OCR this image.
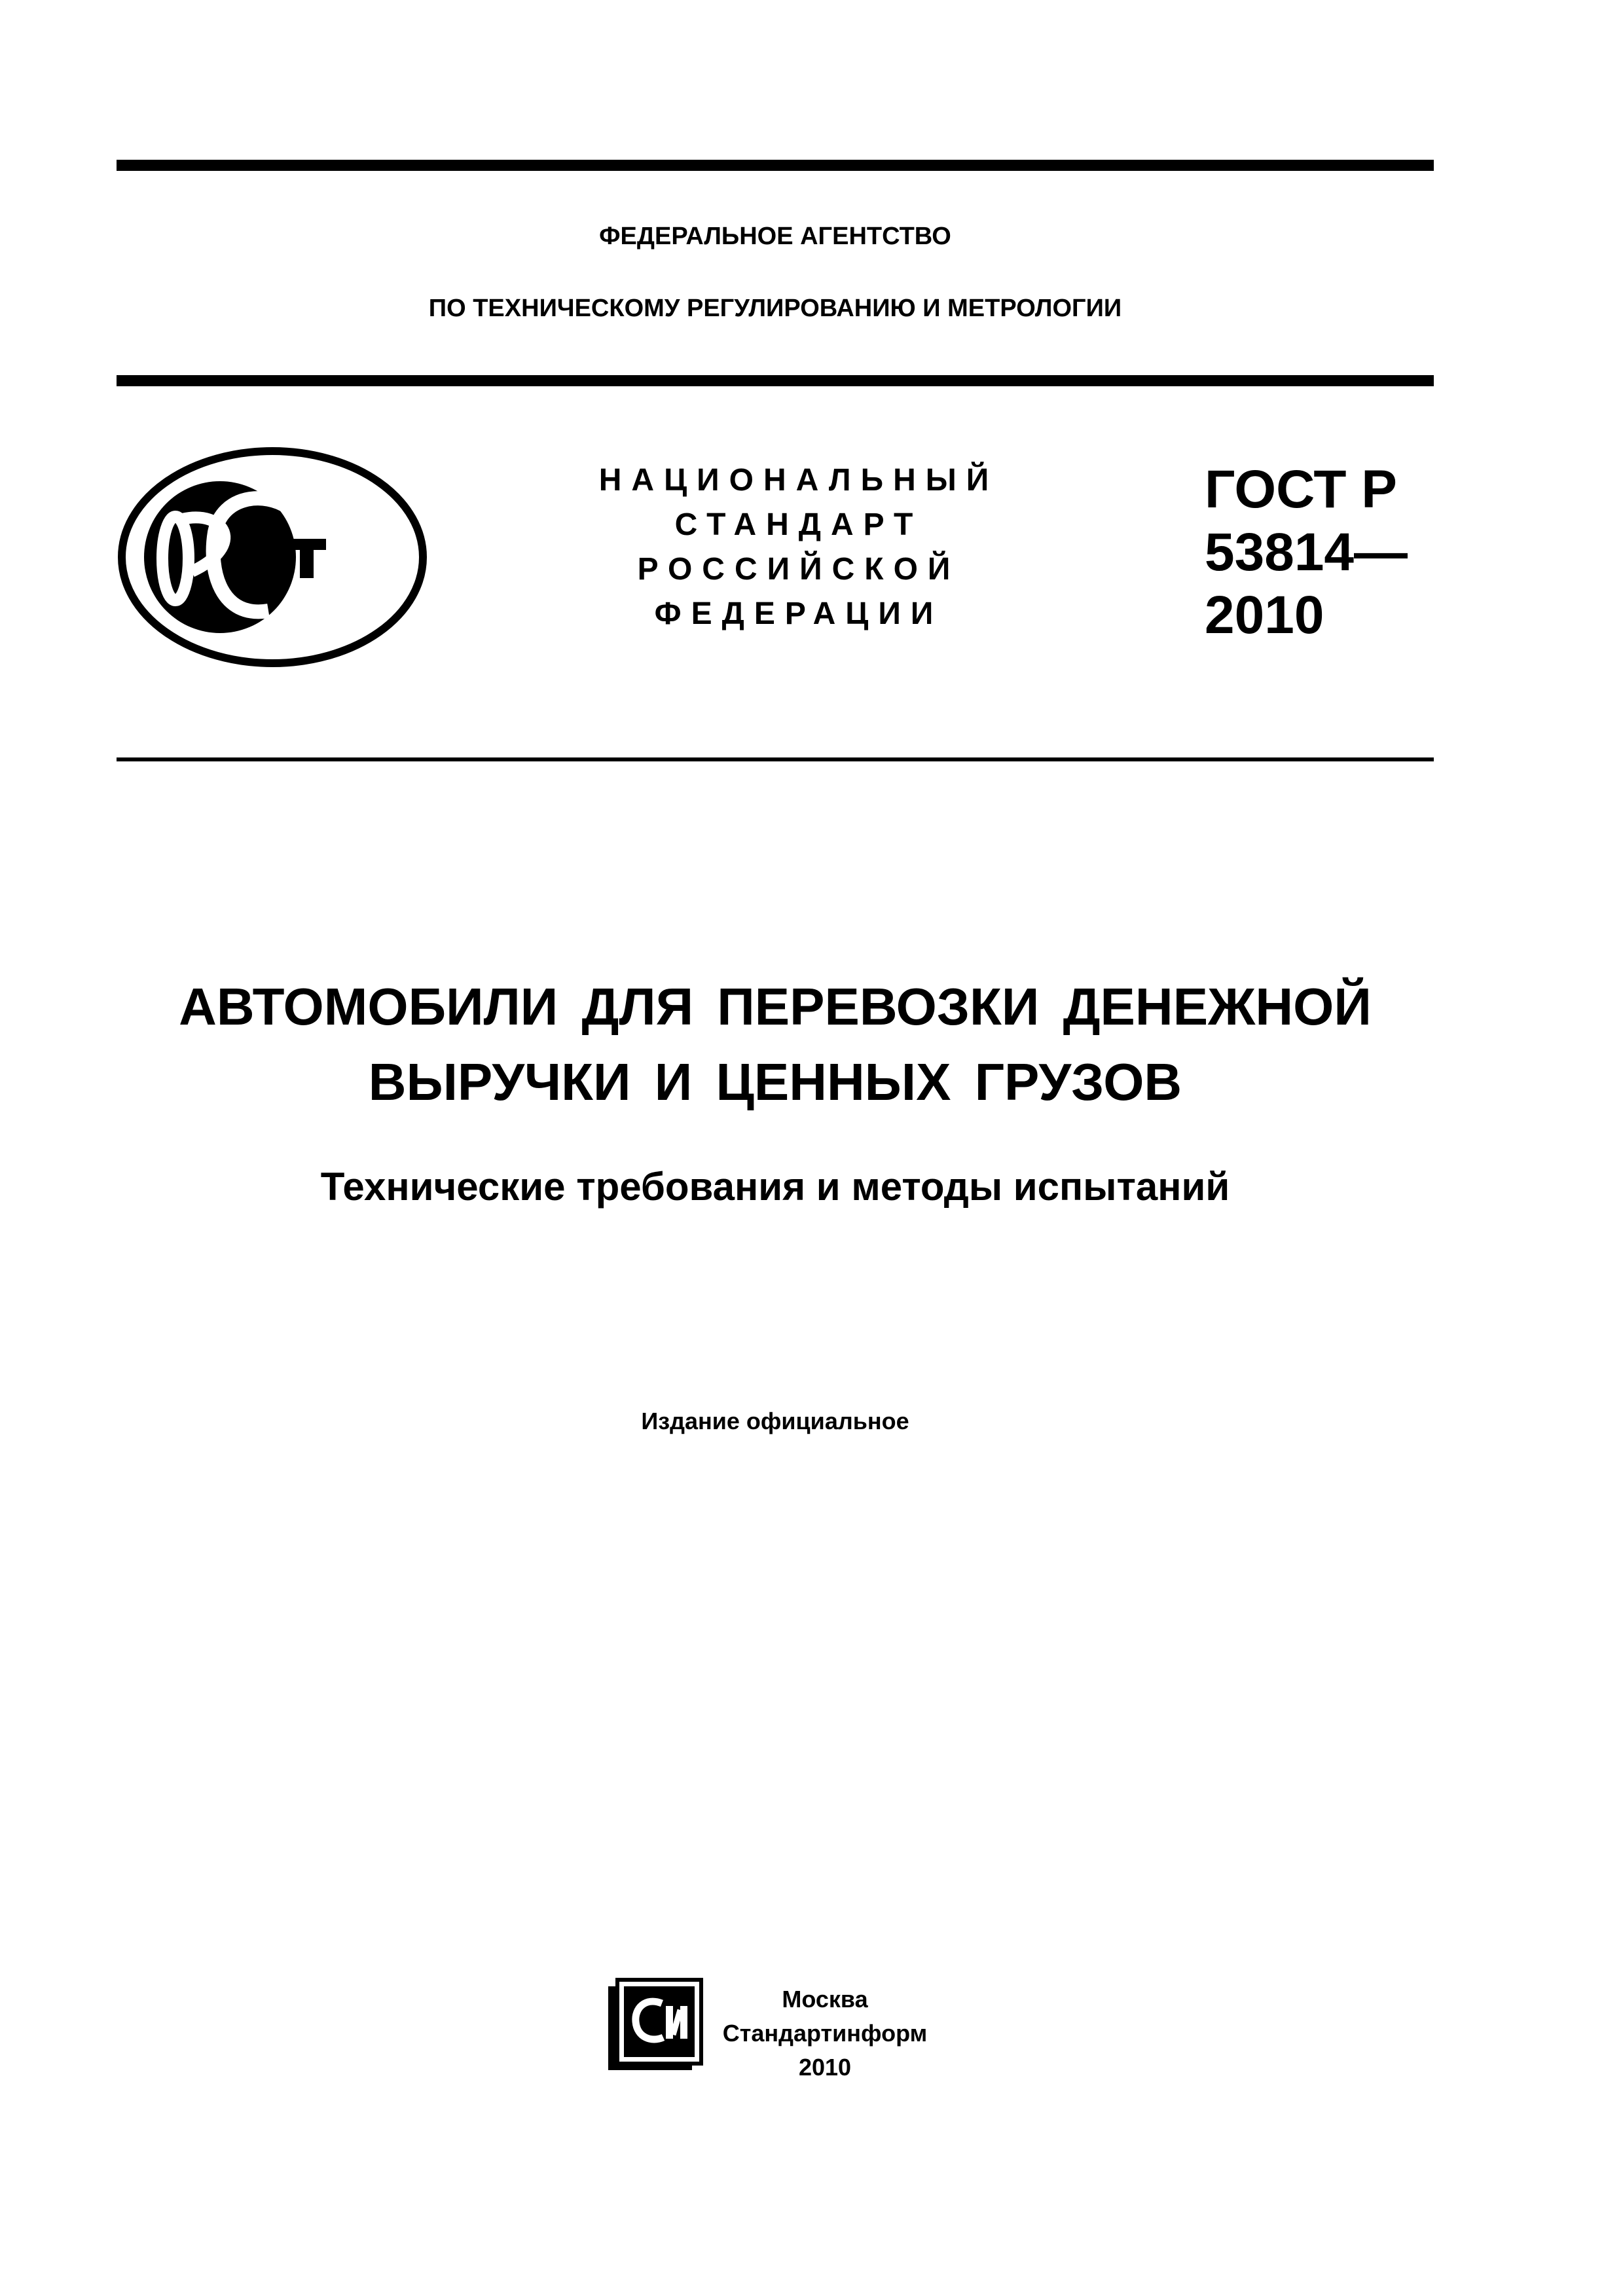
ФЕДЕРАЛЬНОЕ АГЕНТСТВО
ПО ТЕХНИЧЕСКОМУ РЕГУЛИРОВАНИЮ И МЕТРОЛОГИИ
НАЦИОНАЛЬНЫЙ
СТАНДАРТ
РОССИЙСКОЙ
ФЕДЕРАЦИИ
ГОСТ Р
53814—
2010
АВТОМОБИЛИ ДЛЯ ПЕРЕВОЗКИ ДЕНЕЖНОЙ
ВЫРУЧКИ И ЦЕННЫХ ГРУЗОВ
Технические требования и методы испытаний
Издание официальное
Москва
Стандартинформ
2010
